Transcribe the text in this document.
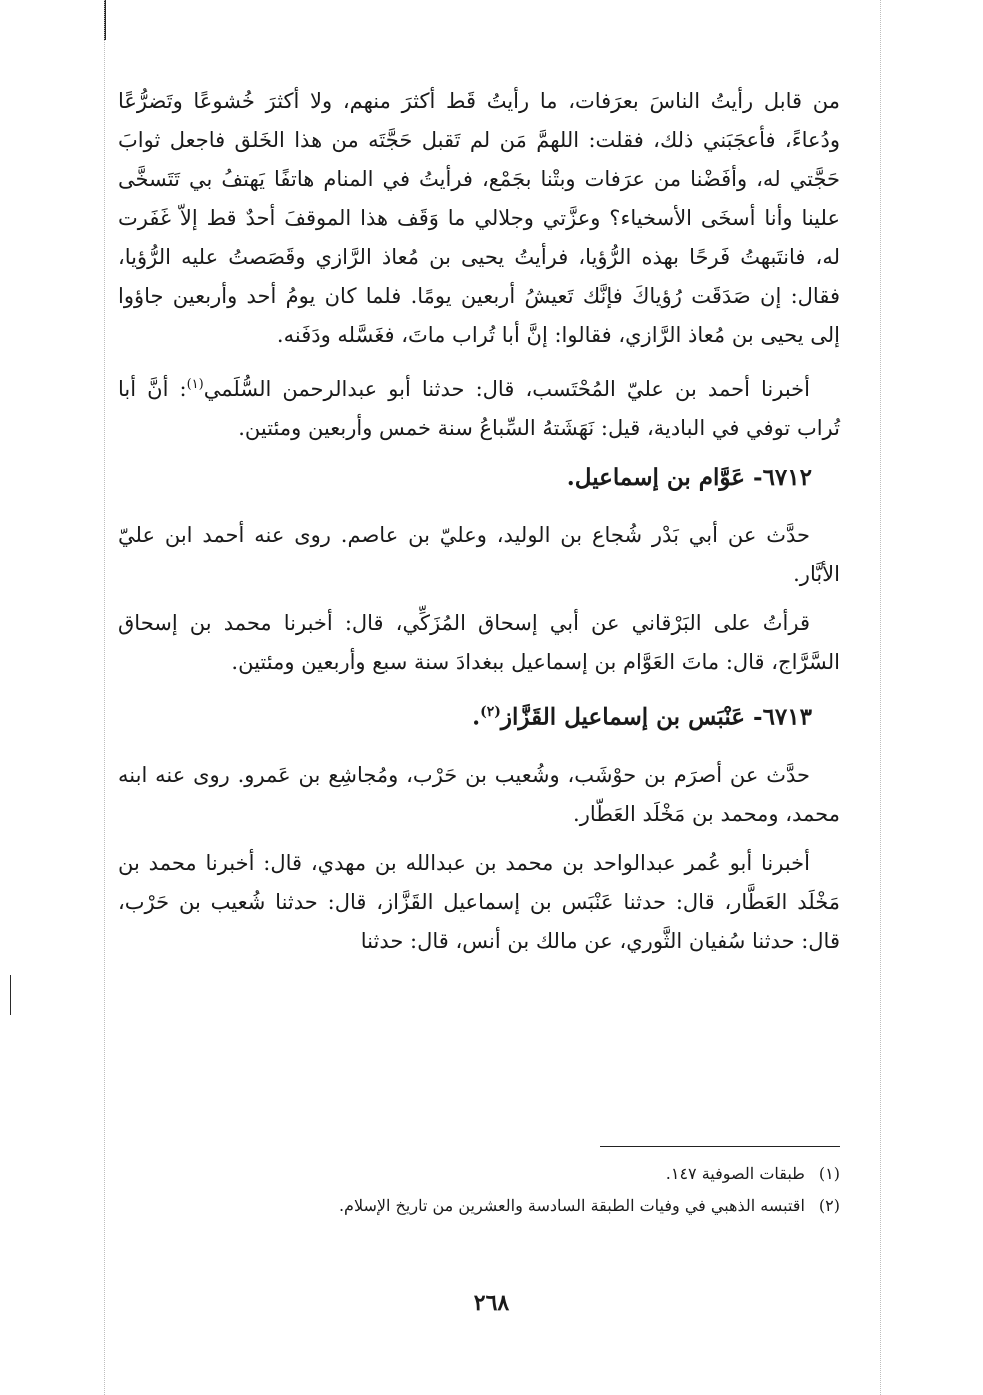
من قابل رأيتُ الناسَ بعرَفات، ما رأيتُ قَط أكثرَ منهم، ولا أكثرَ خُشوعًا وتَضرُّعًا ودُعاءً، فأعجَبَني ذلك، فقلت: اللهمَّ مَن لم تَقبل حَجَّتَه من هذا الخَلق فاجعل ثوابَ حَجَّتي له، وأفَضْنا من عرَفات وبتْنا بجَمْع، فرأيتُ في المنام هاتفًا يَهتفُ بي تَتَسخَّى علينا وأنا أسخَى الأسخياء؟ وعزَّتي وجلالي ما وَقَف هذا الموقفَ أحدٌ قط إلاّ غَفَرت له، فانتَبهتُ فَرحًا بهذه الرُّؤيا، فرأيتُ يحيى بن مُعاذ الرَّازي وقَصَصتُ عليه الرُّؤيا، فقال: إن صَدَقَت رُؤياكَ فإنَّك تَعيشُ أربعين يومًا. فلما كان يومُ أحد وأربعين جاؤوا إلى يحيى بن مُعاذ الرَّازي، فقالوا: إنَّ أبا تُراب ماتَ، فغَسَّله ودَفَنه.

أخبرنا أحمد بن عليّ المُحْتَسب، قال: حدثنا أبو عبدالرحمن السُّلَمي$^{(١)}$: أنَّ أبا تُراب توفي في البادية، قيل: نَهَشَتهُ السِّباعُ سنة خمس وأربعين ومئتين.

٦٧١٢- عَوَّام بن إسماعيل.

حدَّث عن أبي بَدْر شُجاع بن الوليد، وعليّ بن عاصم. روى عنه أحمد ابن عليّ الأبَّار.

قرأتُ على البَرْقاني عن أبي إسحاق المُزَكِّي، قال: أخبرنا محمد بن إسحاق السَّرَّاج، قال: ماتَ العَوَّام بن إسماعيل ببغدادَ سنة سبع وأربعين ومئتين.

٦٧١٣- عَنْبَس بن إسماعيل القَزَّاز$^{(٢)}$.

حدَّث عن أصرَم بن حوْشَب، وشُعيب بن حَرْب، ومُجاشِع بن عَمرو. روى عنه ابنه محمد، ومحمد بن مَخْلَد العَطّار.

أخبرنا أبو عُمر عبدالواحد بن محمد بن عبدالله بن مهدي، قال: أخبرنا محمد بن مَخْلَد العَطَّار، قال: حدثنا عَنْبَس بن إسماعيل القَزَّاز، قال: حدثنا شُعيب بن حَرْب، قال: حدثنا سُفيان الثَّوري، عن مالك بن أنس، قال: حدثنا

(١)طبقات الصوفية ١٤٧.
(٢)اقتبسه الذهبي في وفيات الطبقة السادسة والعشرين من تاريخ الإسلام.
٢٦٨
